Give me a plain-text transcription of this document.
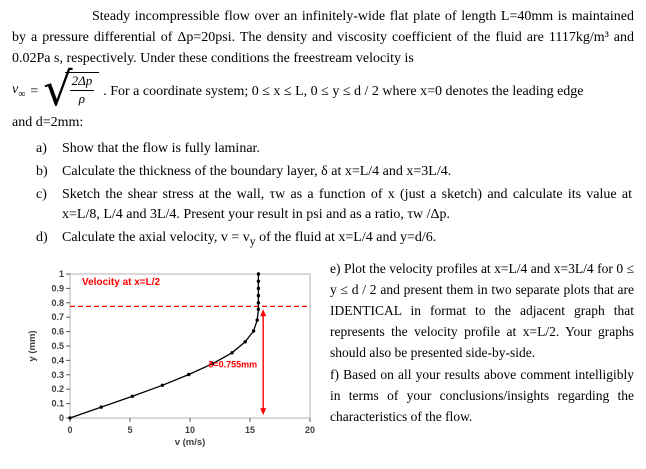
Steady incompressible flow over an infinitely-wide flat plate of length L=40mm is maintained by a pressure differential of Δp=20psi. The density and viscosity coefficient of the fluid are 1117kg/m³ and 0.02Pa s, respectively. Under these conditions the freestream velocity is

$v_\infty$ = √
$\frac{2\Delta p}{\rho}$ . For a coordinate system; 0 ≤ x ≤ L, 0 ≤ y ≤ d / 2 where x=0 denotes the leading edge

and d=2mm:

a)	Show that the flow is fully laminar.
b)	Calculate the thickness of the boundary layer, δ at x=L/4 and x=3L/4.
c)	Sketch the shear stress at the wall, τw as a function of x (just a sketch) and calculate its value at x=L/8, L/4 and 3L/4. Present your result in psi and as a ratio, τw /Δp.
d)	Calculate the axial velocity, $v = v_y$ of the fluid at x=L/4 and y=d/6.
0	5	10	15	20
0
0.1
0.2
0.3
0.4
0.5
0.6
0.7
0.8
0.9
1
v (m/s)
y (mm)
Velocity at x=L/2
δ=0.755mm

e) Plot the velocity profiles at x=L/4 and x=3L/4 for 0 ≤ y ≤ d / 2 and present them in two separate plots that are IDENTICAL in format to the adjacent graph that represents the velocity profile at x=L/2. Your graphs should also be presented side-by-side.

f) Based on all your results above comment intelligibly in terms of your conclusions/insights regarding the characteristics of the flow.
